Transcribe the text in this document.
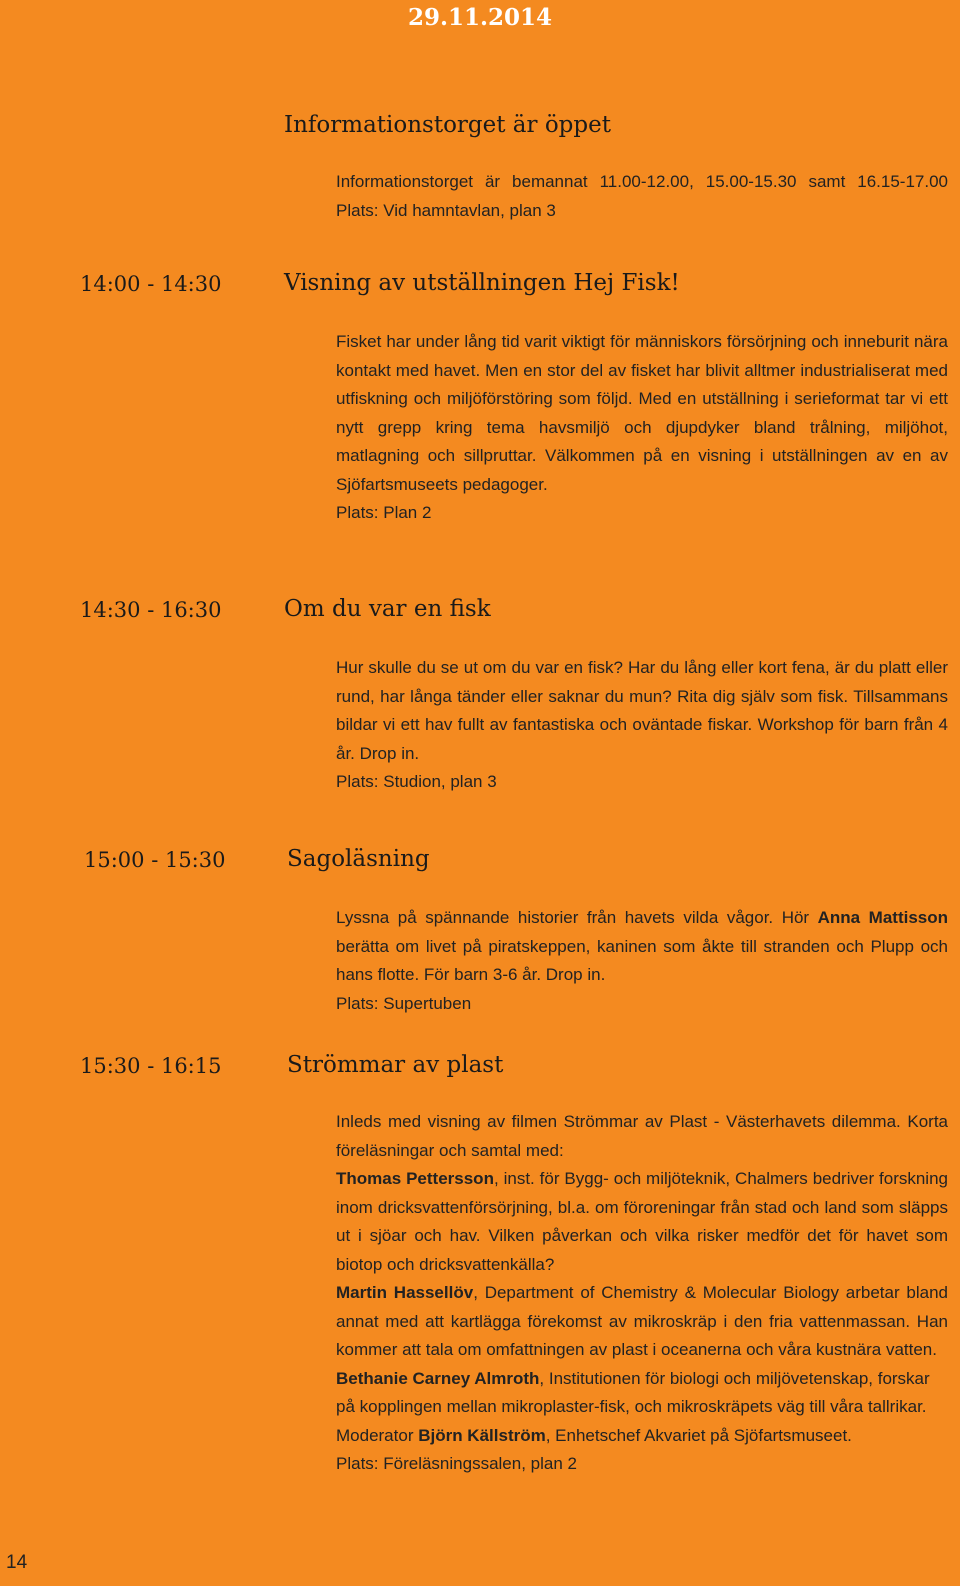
29.11.2014
Informationstorget är öppet

Informationstorget är bemannat 11.00-12.00, 15.00-15.30 samt 16.15-17.00 Plats: Vid hamntavlan, plan 3

14:00 - 14:30	Visning av utställningen Hej Fisk!

Fisket har under lång tid varit viktigt för människors försörjning och inneburit nära kontakt med havet. Men en stor del av fisket har blivit alltmer industrialiserat med utfiskning och miljöförstöring som följd. Med en utställning i serieformat tar vi ett nytt grepp kring tema havsmiljö och djupdyker bland trålning, miljöhot, matlagning och sillpruttar. Välkommen på en visning i utställningen av en av Sjöfartsmuseets pedagoger.

Plats: Plan 2

14:30 - 16:30	Om du var en fisk

Hur skulle du se ut om du var en fisk? Har du lång eller kort fena, är du platt eller rund, har långa tänder eller saknar du mun? Rita dig själv som fisk. Tillsammans bildar vi ett hav fullt av fantastiska och oväntade fiskar. Workshop för barn från 4 år. Drop in.

Plats: Studion, plan 3

15:00 - 15:30	Sagoläsning

Lyssna på spännande historier från havets vilda vågor. Hör Anna Mattisson berätta om livet på piratskeppen, kaninen som åkte till stranden och Plupp och hans flotte. För barn 3-6 år. Drop in.

Plats: Supertuben

15:30 - 16:15	Strömmar av plast

Inleds med visning av filmen Strömmar av Plast - Västerhavets dilemma. Korta föreläsningar och samtal med:

Thomas Pettersson, inst. för Bygg- och miljöteknik, Chalmers bedriver forskning inom dricksvattenförsörjning, bl.a. om föroreningar från stad och land som släpps ut i sjöar och hav. Vilken påverkan och vilka risker medför det för havet som biotop och dricksvattenkälla?

Martin Hassellöv, Department of Chemistry & Molecular Biology arbetar bland annat med att kartlägga förekomst av mikroskräp i den fria vattenmassan. Han kommer att tala om omfattningen av plast i oceanerna och våra kustnära vatten.

Bethanie Carney Almroth, Institutionen för biologi och miljövetenskap, forskar på kopplingen mellan mikroplaster-fisk, och mikroskräpets väg till våra tallrikar.

Moderator Björn Källström, Enhetschef Akvariet på Sjöfartsmuseet.

Plats: Föreläsningssalen, plan 2

14
